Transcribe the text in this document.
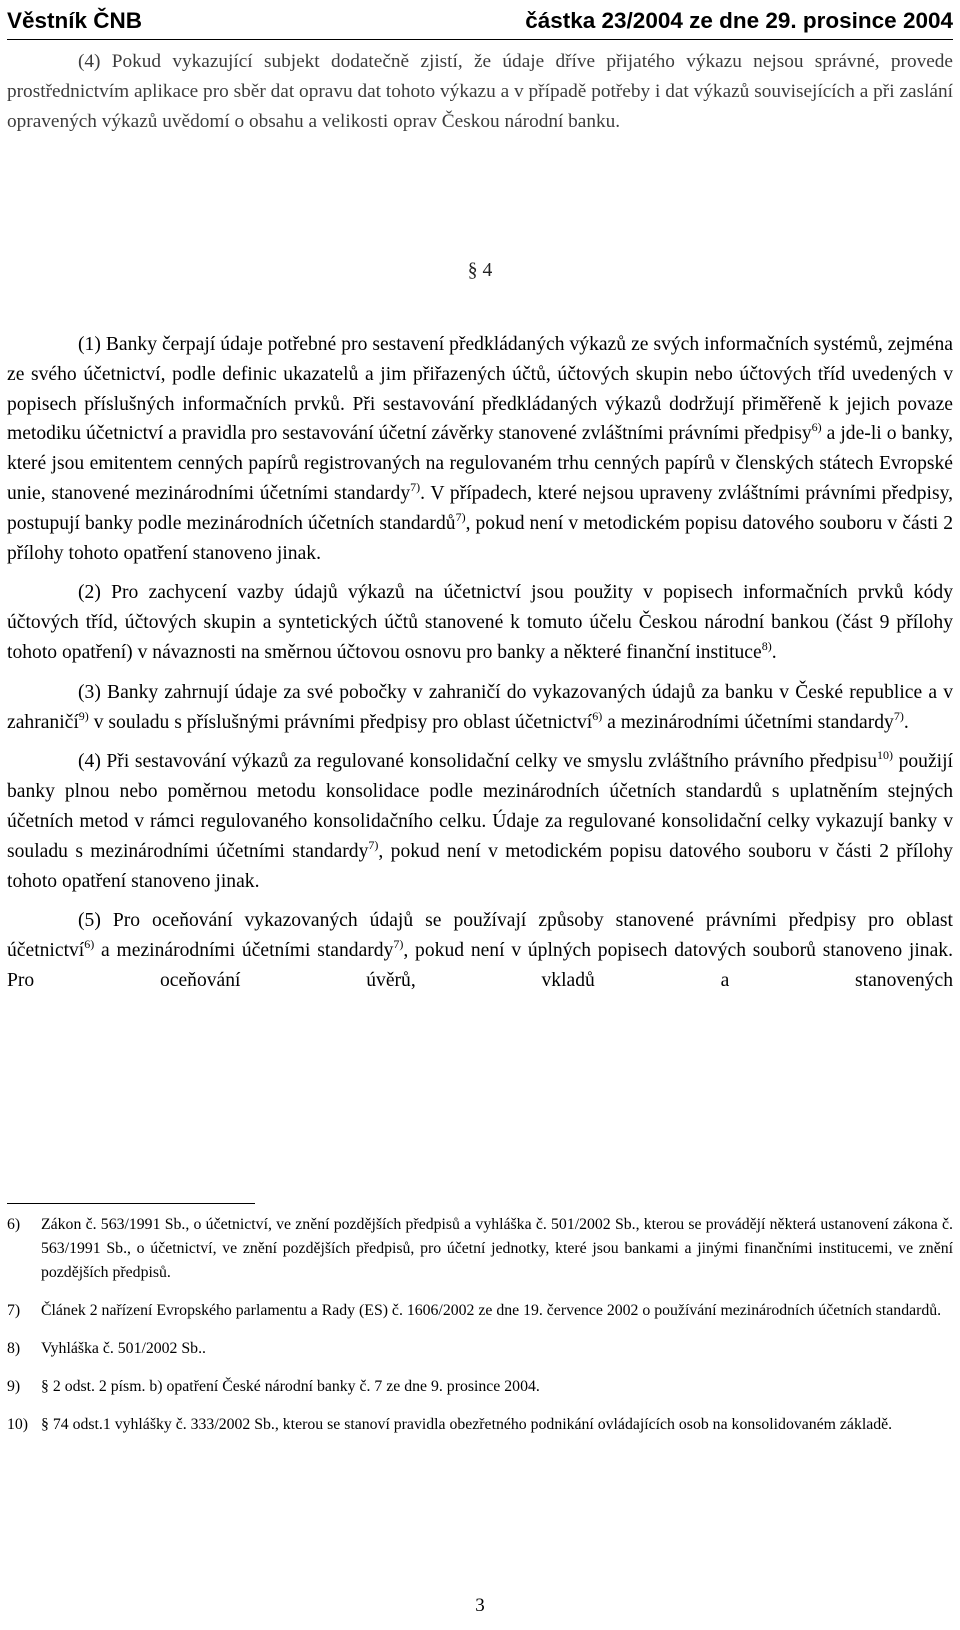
Věstník ČNB	částka 23/2004 ze dne 29. prosince 2004

(4) Pokud vykazující subjekt dodatečně zjistí, že údaje dříve přijatého výkazu nejsou správné, provede prostřednictvím aplikace pro sběr dat opravu dat tohoto výkazu a v případě potřeby i dat výkazů souvisejících a při zaslání opravených výkazů uvědomí o obsahu a velikosti oprav Českou národní banku.

§ 4

(1) Banky čerpají údaje potřebné pro sestavení předkládaných výkazů ze svých informačních systémů, zejména ze svého účetnictví, podle definic ukazatelů a jim přiřazených účtů, účtových skupin nebo účtových tříd uvedených v popisech příslušných informačních prvků. Při sestavování předkládaných výkazů dodržují přiměřeně k jejich povaze metodiku účetnictví a pravidla pro sestavování účetní závěrky stanovené zvláštními právními předpisy$^{6)}$ a jde-li o banky, které jsou emitentem cenných papírů registrovaných na regulovaném trhu cenných papírů v členských státech Evropské unie, stanovené mezinárodními účetními standardy$^{7)}$. V případech, které nejsou upraveny zvláštními právními předpisy, postupují banky podle mezinárodních účetních standardů$^{7)}$, pokud není v metodickém popisu datového souboru v části 2 přílohy tohoto opatření stanoveno jinak.

(2) Pro zachycení vazby údajů výkazů na účetnictví jsou použity v popisech informačních prvků kódy účtových tříd, účtových skupin a syntetických účtů stanovené k tomuto účelu Českou národní bankou (část 9 přílohy tohoto opatření) v návaznosti na směrnou účtovou osnovu pro banky a některé finanční instituce$^{8)}$.

(3) Banky zahrnují údaje za své pobočky v zahraničí do vykazovaných údajů za banku v České republice a v zahraničí$^{9)}$ v souladu s příslušnými právními předpisy pro oblast účetnictví$^{6)}$ a mezinárodními účetními standardy$^{7)}$.

(4) Při sestavování výkazů za regulované konsolidační celky ve smyslu zvláštního právního předpisu$^{10)}$ použijí banky plnou nebo poměrnou metodu konsolidace podle mezinárodních účetních standardů s uplatněním stejných účetních metod v rámci regulovaného konsolidačního celku. Údaje za regulované konsolidační celky vykazují banky v souladu s mezinárodními účetními standardy$^{7)}$, pokud není v metodickém popisu datového souboru v části 2 přílohy tohoto opatření stanoveno jinak.

(5) Pro oceňování vykazovaných údajů se používají způsoby stanovené právními předpisy pro oblast účetnictví$^{6)}$ a mezinárodními účetními standardy$^{7)}$, pokud není v úplných popisech datových souborů stanoveno jinak. Pro oceňování úvěrů, vkladů a stanovených

6)	Zákon č. 563/1991 Sb., o účetnictví, ve znění pozdějších předpisů a vyhláška č. 501/2002 Sb., kterou se provádějí některá ustanovení zákona č. 563/1991 Sb., o účetnictví, ve znění pozdějších předpisů, pro účetní jednotky, které jsou bankami a jinými finančními institucemi, ve znění pozdějších předpisů.
7)	Článek 2 nařízení Evropského parlamentu a Rady (ES) č. 1606/2002 ze dne 19. července 2002 o používání mezinárodních účetních standardů.
8)	Vyhláška č. 501/2002 Sb..
9)	§ 2 odst. 2 písm. b) opatření České národní banky č. 7 ze dne 9. prosince 2004.
10) § 74 odst.1 vyhlášky č. 333/2002 Sb., kterou se stanoví pravidla obezřetného podnikání ovládajících osob na konsolidovaném základě.
3
